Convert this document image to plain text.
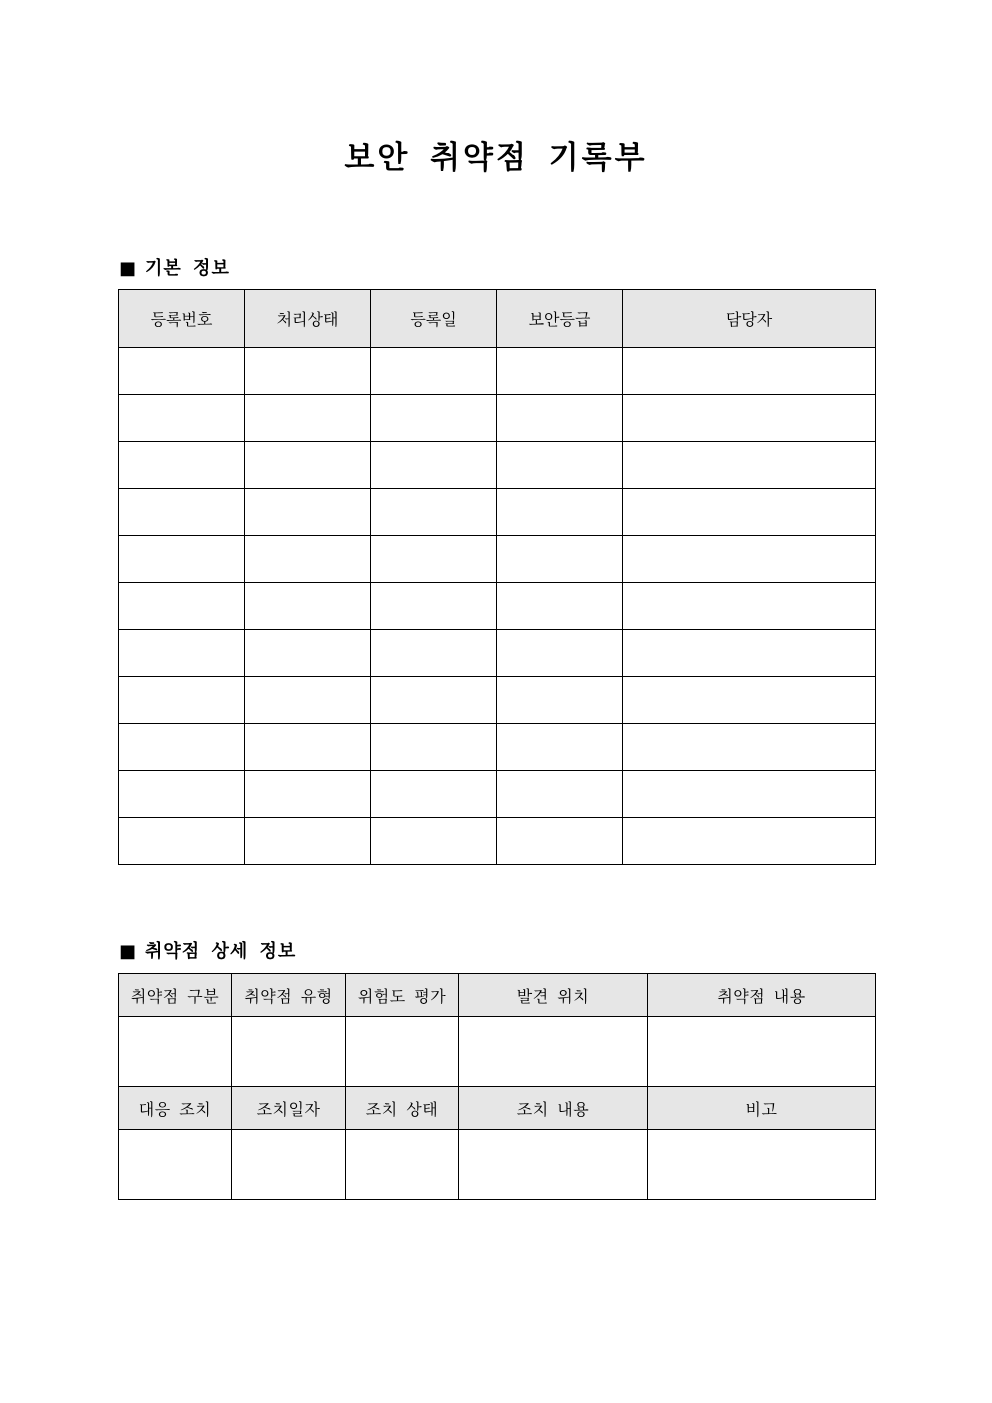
보안 취약점 기록부
■ 기본 정보
등록번호	처리상태	등록일	보안등급	담당자

■ 취약점 상세 정보
취약점 구분	취약점 유형	위험도 평가	발견 위치	취약점 내용

대응 조치	조치일자	조치 상태	조치 내용	비고
